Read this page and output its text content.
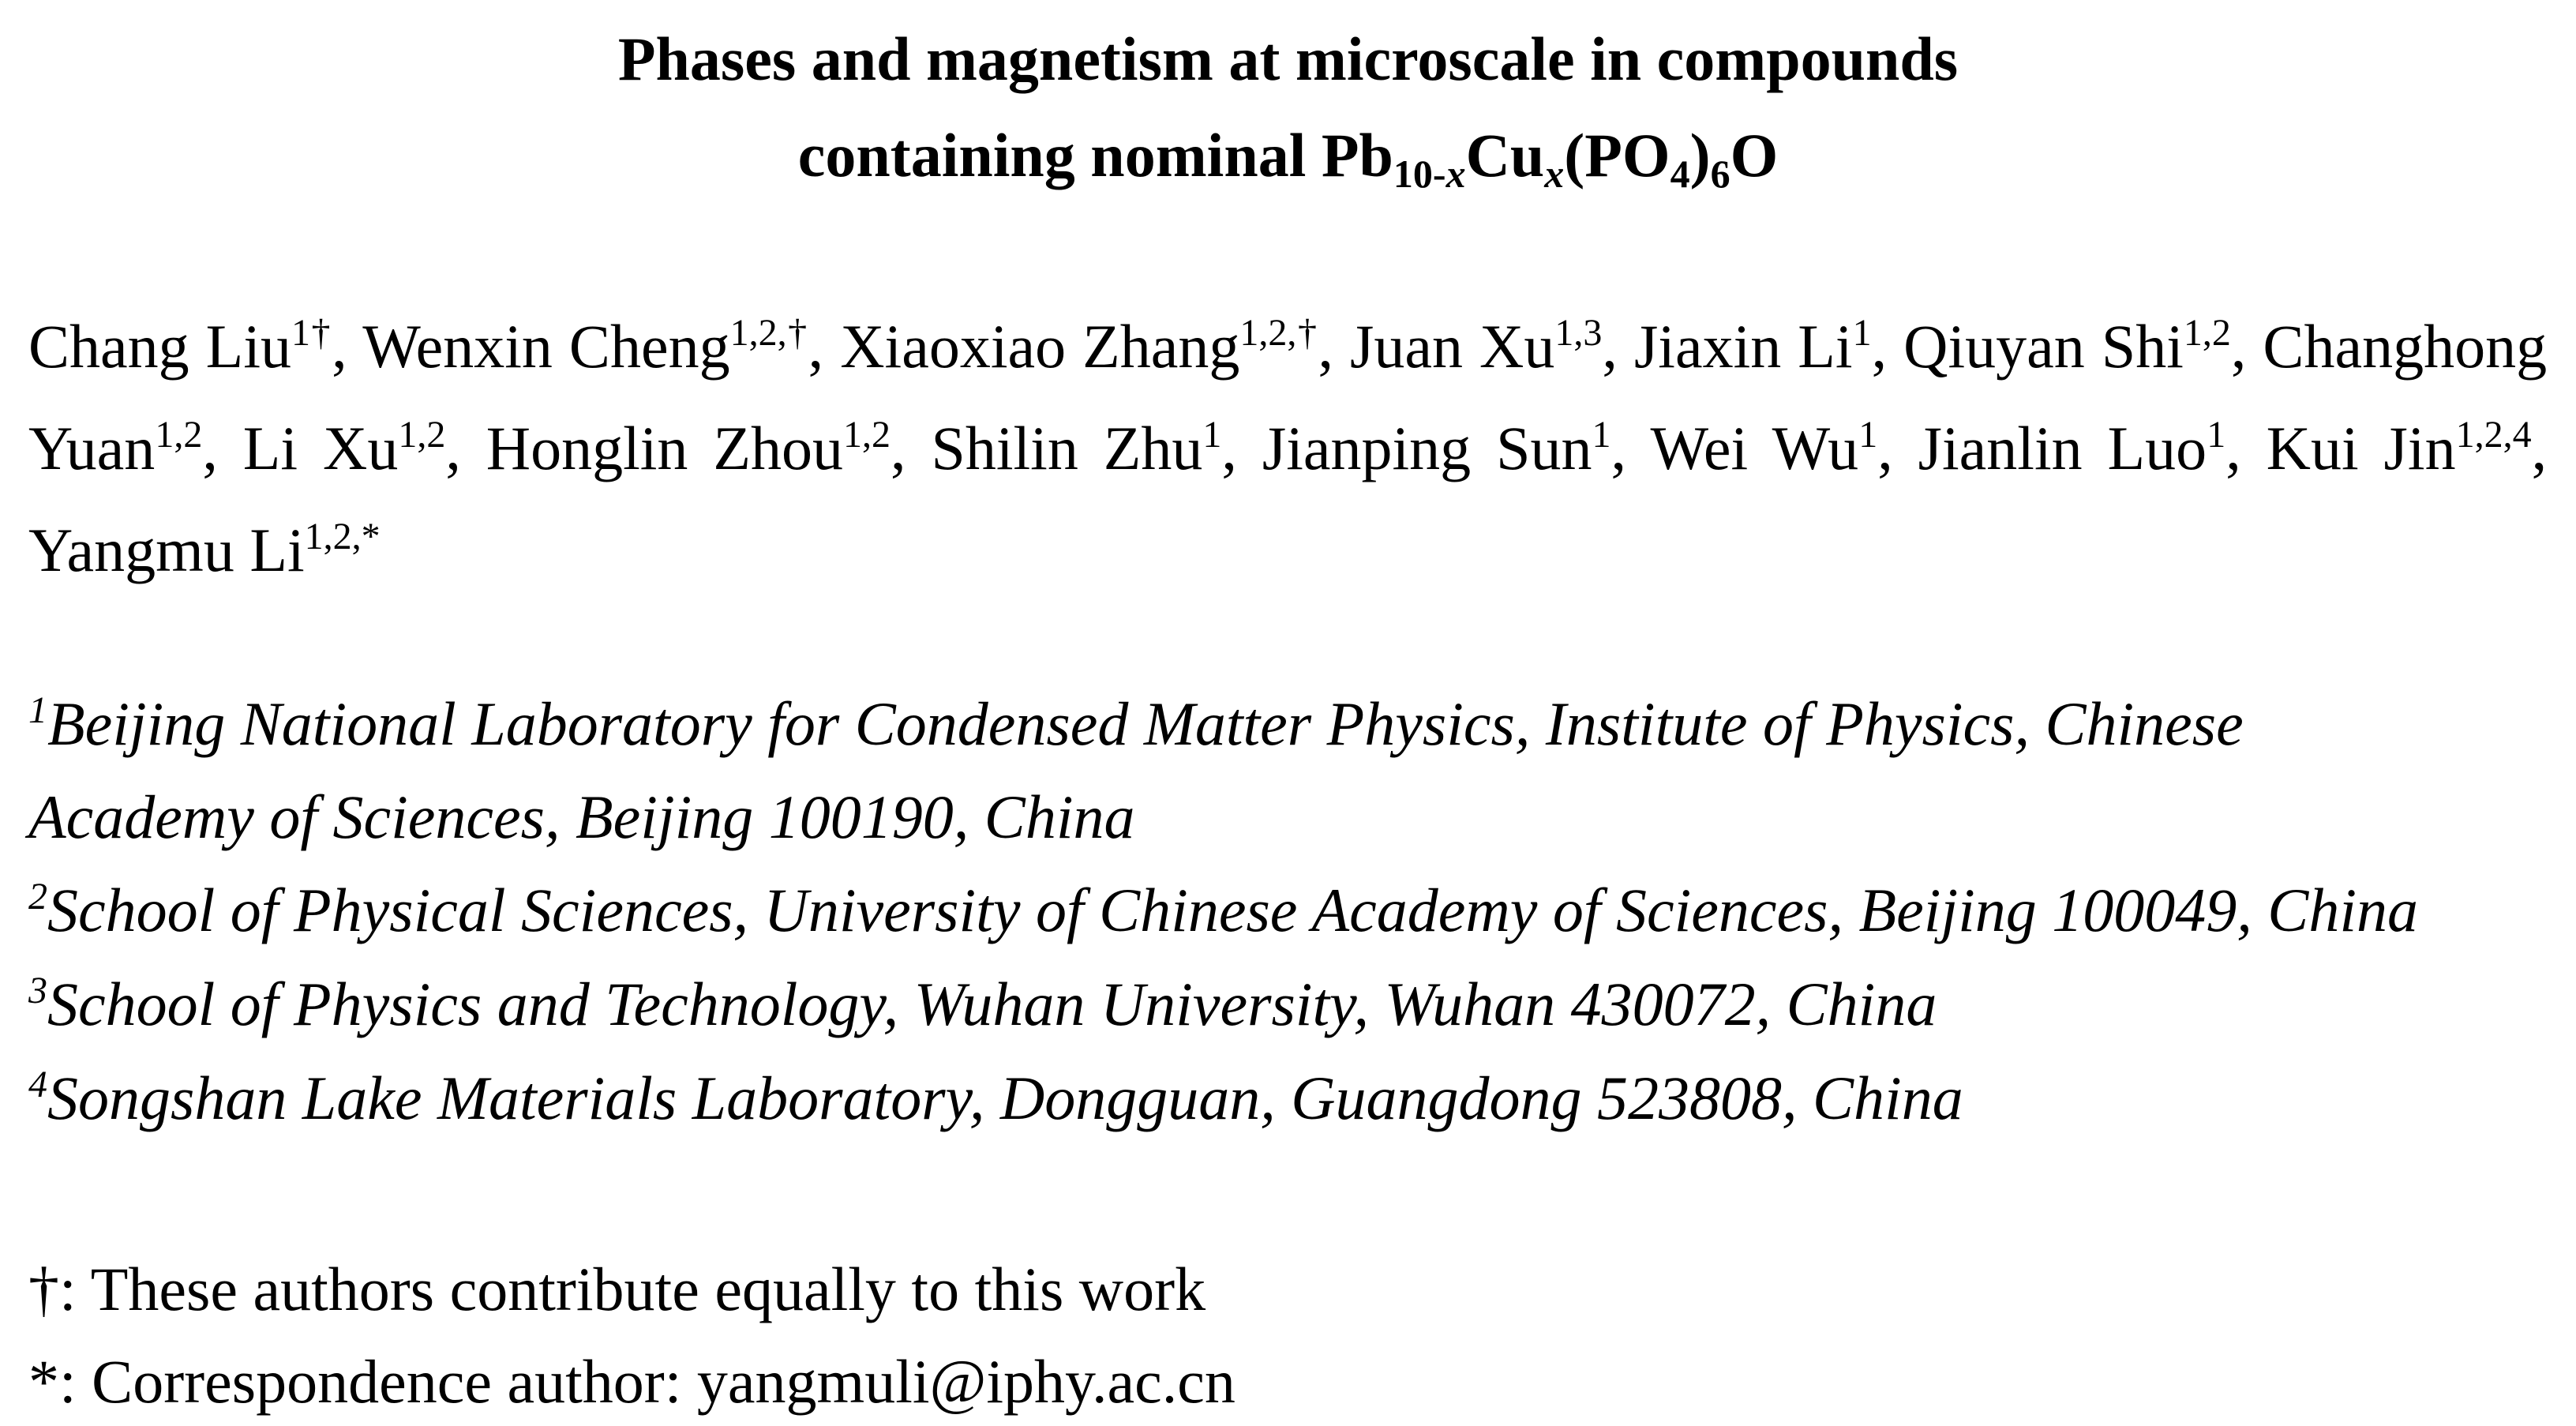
Phases and magnetism at microscale in compounds
containing nominal $Pb_{10-x}Cu_x(PO_4)_6O$
Chang Liu$^{1\dagger}$, Wenxin Cheng$^{1,2,\dagger}$, Xiaoxiao Zhang$^{1,2,\dagger}$, Juan Xu$^{1,3}$, Jiaxin Li$^1$, Qiuyan Shi$^{1,2}$, Changhong Yuan$^{1,2}$, Li Xu$^{1,2}$, Honglin Zhou$^{1,2}$, Shilin Zhu$^1$, Jianping Sun$^1$, Wei Wu$^1$, Jianlin Luo$^1$, Kui Jin$^{1,2,4}$, Yangmu $Li^{1,2,*}$
$^1$Beijing National Laboratory for Condensed Matter Physics, Institute of Physics, Chinese
Academy of Sciences, Beijing 100190, China
$^2$School of Physical Sciences, University of Chinese Academy of Sciences, Beijing 100049, China
$^3$School of Physics and Technology, Wuhan University, Wuhan 430072, China
$^4$Songshan Lake Materials Laboratory, Dongguan, Guangdong 523808, China
†: These authors contribute equally to this work
*: Correspondence author: yangmuli@iphy.ac.cn
